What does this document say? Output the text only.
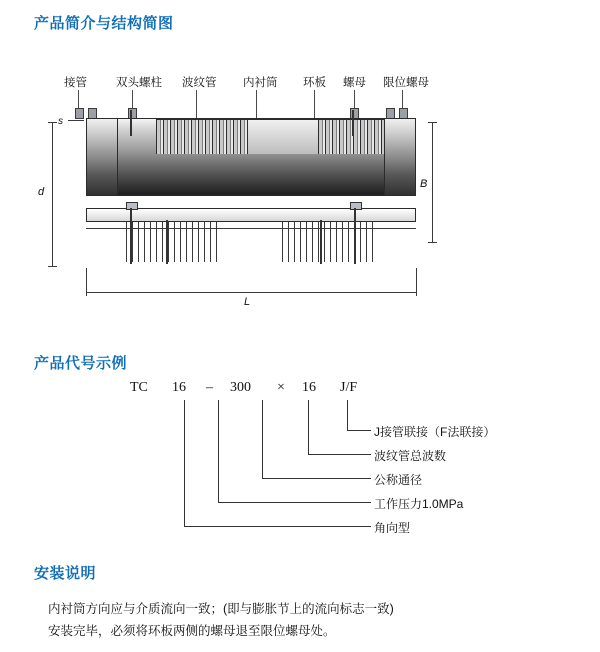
产品简介与结构简图
接管	双头螺柱 波纹管 内衬筒 环板 螺母 限位螺母
s
d
B
L
产品代号示例
TC 16 – 300 × 16 J/F
J接管联接（F法联接）
波纹管总波数
公称通径
工作压力1.0MPa
角向型
安装说明
内衬筒方向应与介质流向一致；(即与膨胀节上的流向标志一致)
安装完毕，必须将环板两侧的螺母退至限位螺母处。
